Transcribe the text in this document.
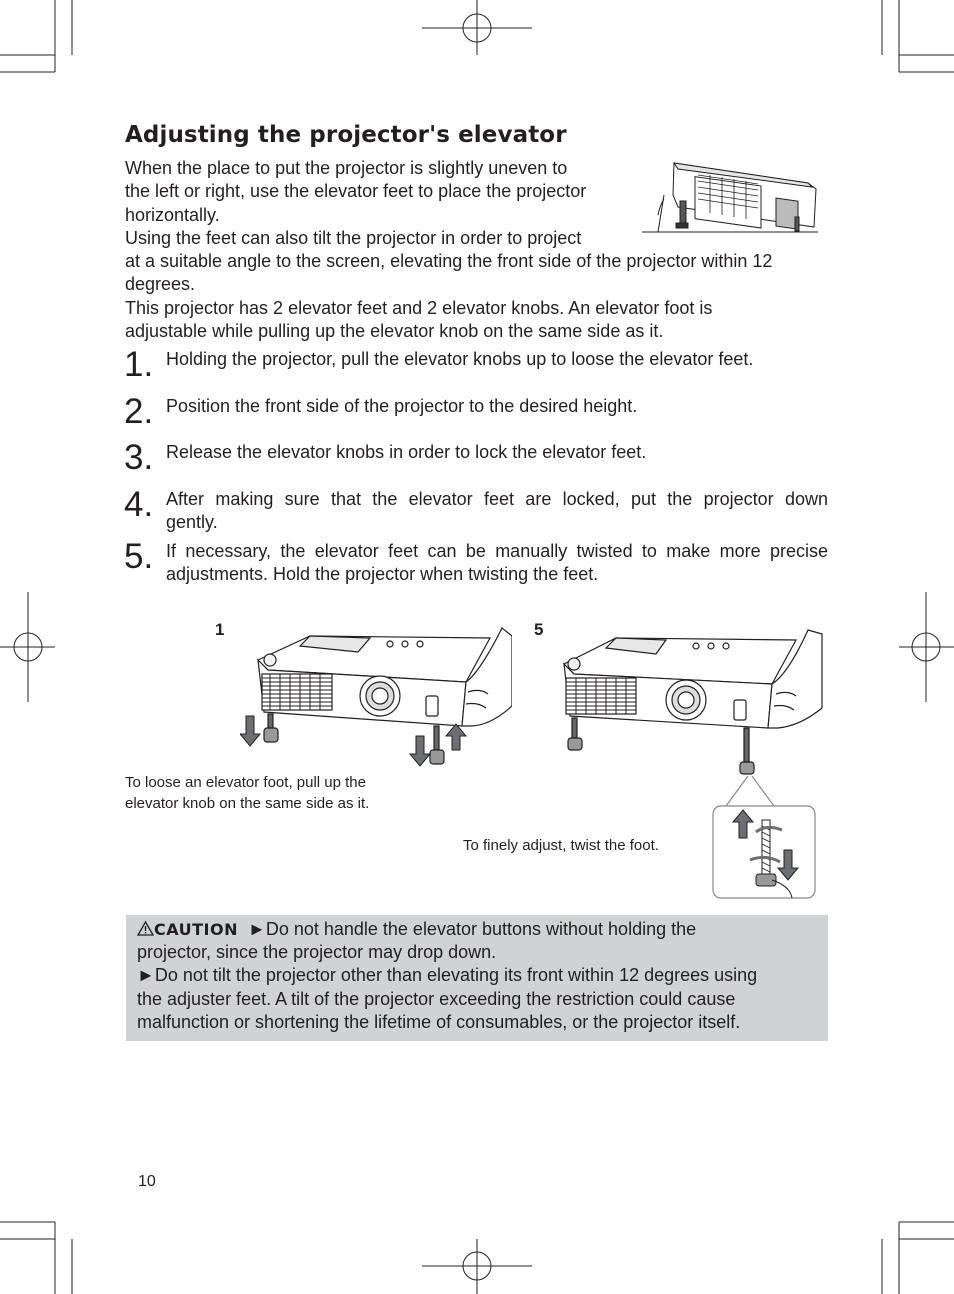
Adjusting the projector's elevator
When the place to put the projector is slightly uneven to
the left or right, use the elevator feet to place the projector
horizontally.
Using the feet can also tilt the projector in order to project
at a suitable angle to the screen, elevating the front side of the projector within 12
degrees.
This projector has 2 elevator feet and 2 elevator knobs. An elevator foot is
adjustable while pulling up the elevator knob on the same side as it.
1. Holding the projector, pull the elevator knobs up to loose the elevator feet.
2. Position the front side of the projector to the desired height.
3. Release the elevator knobs in order to lock the elevator feet.
4. After making sure that the elevator feet are locked, put the projector down
gently.
5. If necessary, the elevator feet can be manually twisted to make more precise
adjustments. Hold the projector when twisting the feet.
1	5
To loose an elevator foot, pull up the
elevator knob on the same side as it.
To finely adjust, twist the foot.
CAUTION ►Do not handle the elevator buttons without holding the
projector, since the projector may drop down.
►Do not tilt the projector other than elevating its front within 12 degrees using
the adjuster feet. A tilt of the projector exceeding the restriction could cause
malfunction or shortening the lifetime of consumables, or the projector itself.
10
